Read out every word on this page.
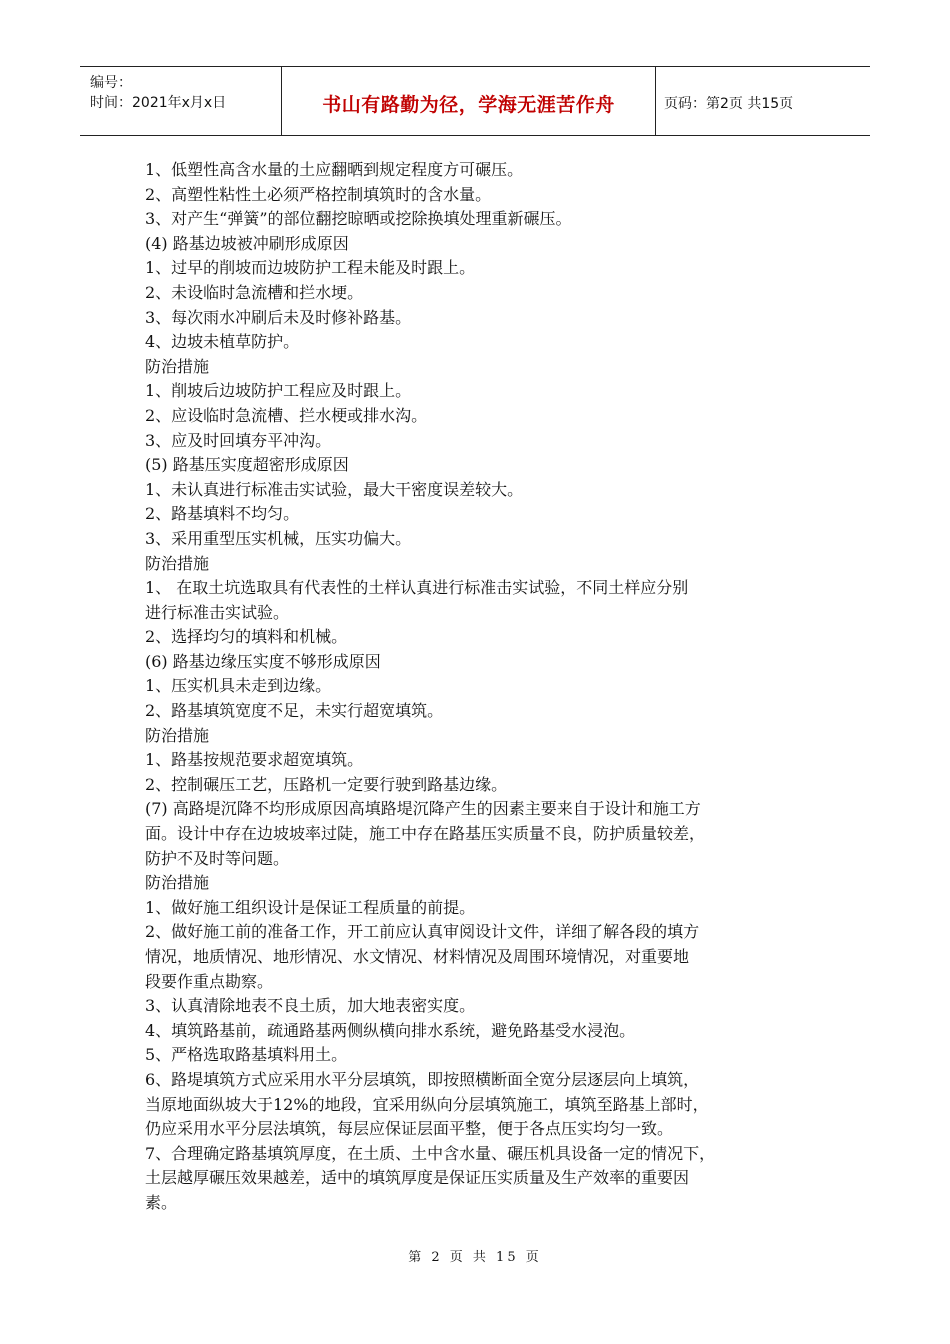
编号：
时间：2021年x月x日	书山有路勤为径，学海无涯苦作舟	页码：第2页 共15页

1、低塑性高含水量的土应翻晒到规定程度方可碾压。

2、高塑性粘性土必须严格控制填筑时的含水量。

3、对产生“弹簧”的部位翻挖晾晒或挖除换填处理重新碾压。

(4) 路基边坡被冲刷形成原因

1、过早的削坡而边坡防护工程未能及时跟上。

2、未设临时急流槽和拦水埂。

3、每次雨水冲刷后未及时修补路基。

4、边坡未植草防护。

防治措施

1、削坡后边坡防护工程应及时跟上。

2、应设临时急流槽、拦水梗或排水沟。

3、应及时回填夯平冲沟。

(5) 路基压实度超密形成原因

1、未认真进行标准击实试验，最大干密度误差较大。

2、路基填料不均匀。

3、采用重型压实机械，压实功偏大。

防治措施

1、 在取土坑选取具有代表性的土样认真进行标准击实试验，不同土样应分别

进行标准击实试验。

2、选择均匀的填料和机械。

(6) 路基边缘压实度不够形成原因

1、压实机具未走到边缘。

2、路基填筑宽度不足，未实行超宽填筑。

防治措施

1、路基按规范要求超宽填筑。

2、控制碾压工艺，压路机一定要行驶到路基边缘。

(7) 高路堤沉降不均形成原因高填路堤沉降产生的因素主要来自于设计和施工方

面。设计中存在边坡坡率过陡，施工中存在路基压实质量不良，防护质量较差，

防护不及时等问题。

防治措施

1、做好施工组织设计是保证工程质量的前提。

2、做好施工前的准备工作，开工前应认真审阅设计文件，详细了解各段的填方

情况，地质情况、地形情况、水文情况、材料情况及周围环境情况，对重要地

段要作重点勘察。

3、认真清除地表不良土质，加大地表密实度。

4、填筑路基前，疏通路基两侧纵横向排水系统，避免路基受水浸泡。

5、严格选取路基填料用土。

6、路堤填筑方式应采用水平分层填筑，即按照横断面全宽分层逐层向上填筑，

当原地面纵坡大于12%的地段，宜采用纵向分层填筑施工，填筑至路基上部时，

仍应采用水平分层法填筑，每层应保证层面平整，便于各点压实均匀一致。

7、合理确定路基填筑厚度，在土质、土中含水量、碾压机具设备一定的情况下，

土层越厚碾压效果越差，适中的填筑厚度是保证压实质量及生产效率的重要因

素。

第 2 页 共 15 页
